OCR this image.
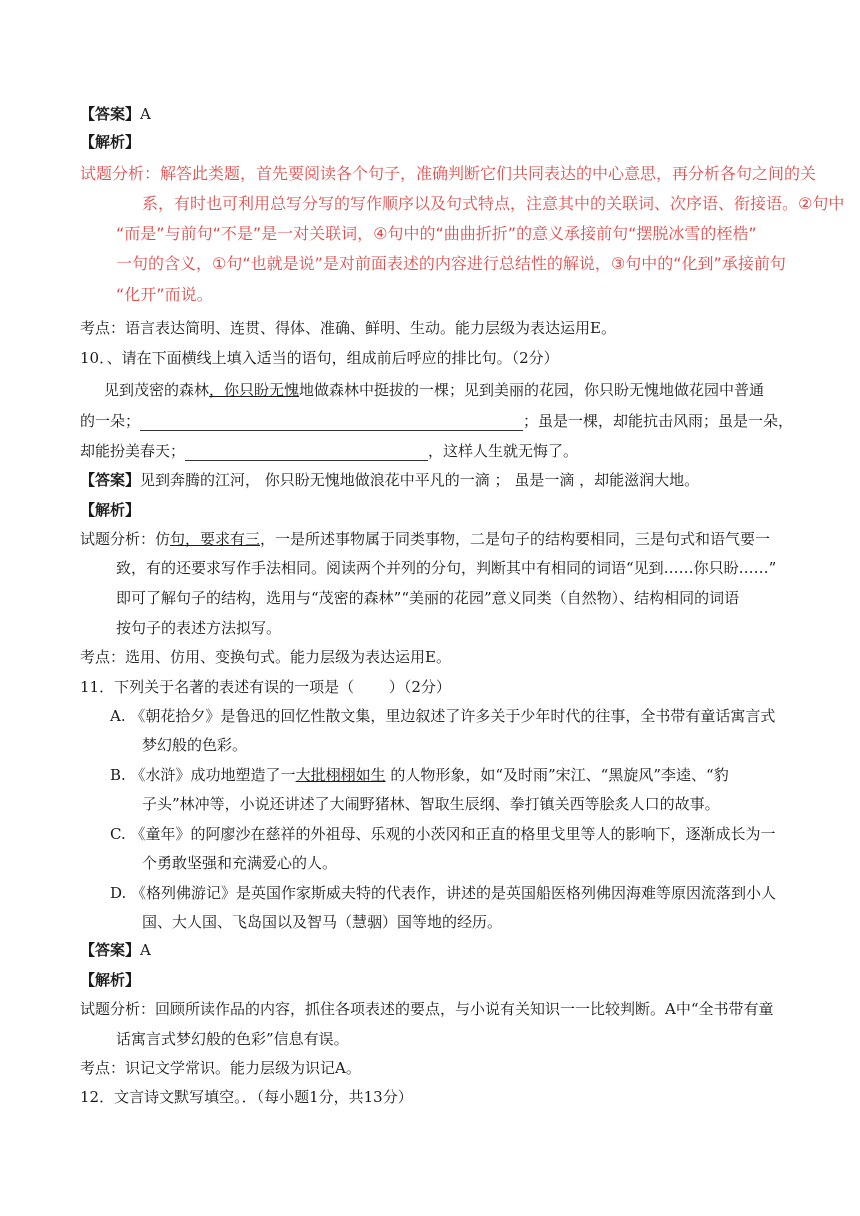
【答案】A
【解析】
试题分析：解答此类题，首先要阅读各个句子，准确判断它们共同表达的中心意思，再分析各句之间的关
系，有时也可利用总写分写的写作顺序以及句式特点，注意其中的关联词、次序语、衔接语。②句中
“而是”与前句“不是”是一对关联词，④句中的“曲曲折折”的意义承接前句“摆脱冰雪的桎梏”
一句的含义，①句“也就是说”是对前面表述的内容进行总结性的解说，③句中的“化到”承接前句
“化开”而说。
考点：语言表达简明、连贯、得体、准确、鲜明、生动。能力层级为表达运用E。
10．、请在下面横线上填入适当的语句，组成前后呼应的排比句。（2分）
见到茂密的森林，你只盼无愧地做森林中挺拔的一棵；见到美丽的花园，你只盼无愧地做花园中普通
的一朵；	；虽是一棵，却能抗击风雨；虽是一朵，
却能扮美春天；	，这样人生就无悔了。
【答案】见到奔腾的江河， 你只盼无愧地做浪花中平凡的一滴 ； 虽是一滴 ，却能滋润大地。
【解析】
试题分析：仿句，要求有三，一是所述事物属于同类事物，二是句子的结构要相同，三是句式和语气要一
致，有的还要求写作手法相同。阅读两个并列的分句，判断其中有相同的词语“见到……你只盼……”
即可了解句子的结构，选用与“茂密的森林”“美丽的花园”意义同类（自然物）、结构相同的词语
按句子的表述方法拟写。
考点：选用、仿用、变换句式。能力层级为表达运用E。
11．下列关于名著的表述有误的一项是（　　 ）（2分）
A. 《朝花拾夕》是鲁迅的回忆性散文集，里边叙述了许多关于少年时代的往事，全书带有童话寓言式
梦幻般的色彩。
B. 《水浒》成功地塑造了一大批栩栩如生 的人物形象，如“及时雨”宋江、“黑旋风”李逵、“豹
子头”林冲等，小说还讲述了大闹野猪林、智取生辰纲、拳打镇关西等脍炙人口的故事。
C. 《童年》的阿廖沙在慈祥的外祖母、乐观的小茨冈和正直的格里戈里等人的影响下，逐渐成长为一
个勇敢坚强和充满爱心的人。
D. 《格列佛游记》是英国作家斯威夫特的代表作，讲述的是英国船医格列佛因海难等原因流落到小人
国、大人国、飞岛国以及智马（慧骃）国等地的经历。
【答案】A
【解析】
试题分析：回顾所读作品的内容，抓住各项表述的要点，与小说有关知识一一比较判断。A中“全书带有童
话寓言式梦幻般的色彩”信息有误。
考点：识记文学常识。能力层级为识记A。
12．文言诗文默写填空。．（每小题1分，共13分）
